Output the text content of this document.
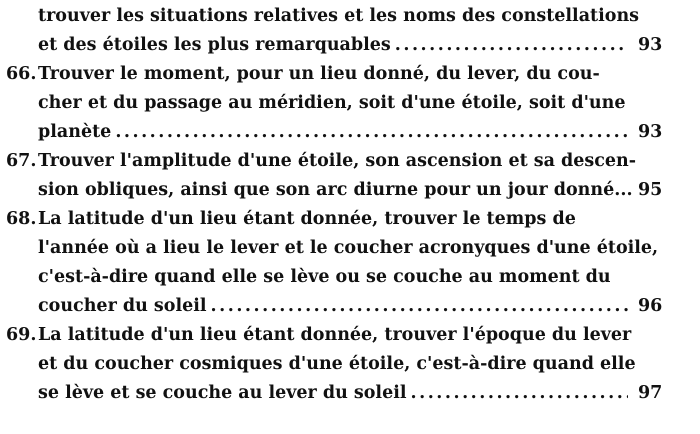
trouver les situations relatives et les noms des constellations
et des étoiles les plus remarquables .....	93
66. Trouver le moment, pour un lieu donné, du lever, du cou-
cher et du passage au méridien, soit d'une étoile, soit d'une
planète .....	93
67. Trouver l'amplitude d'une étoile, son ascension et sa descen-
sion obliques, ainsi que son arc diurne pour un jour donné... 95
68. La latitude d'un lieu étant donnée, trouver le temps de
l'année où a lieu le lever et le coucher acronyques d'une étoile,
c'est-à-dire quand elle se lève ou se couche au moment du
coucher du soleil .....	96
69. La latitude d'un lieu étant donnée, trouver l'époque du lever
et du coucher cosmiques d'une étoile, c'est-à-dire quand elle
se lève et se couche au lever du soleil .....	97
